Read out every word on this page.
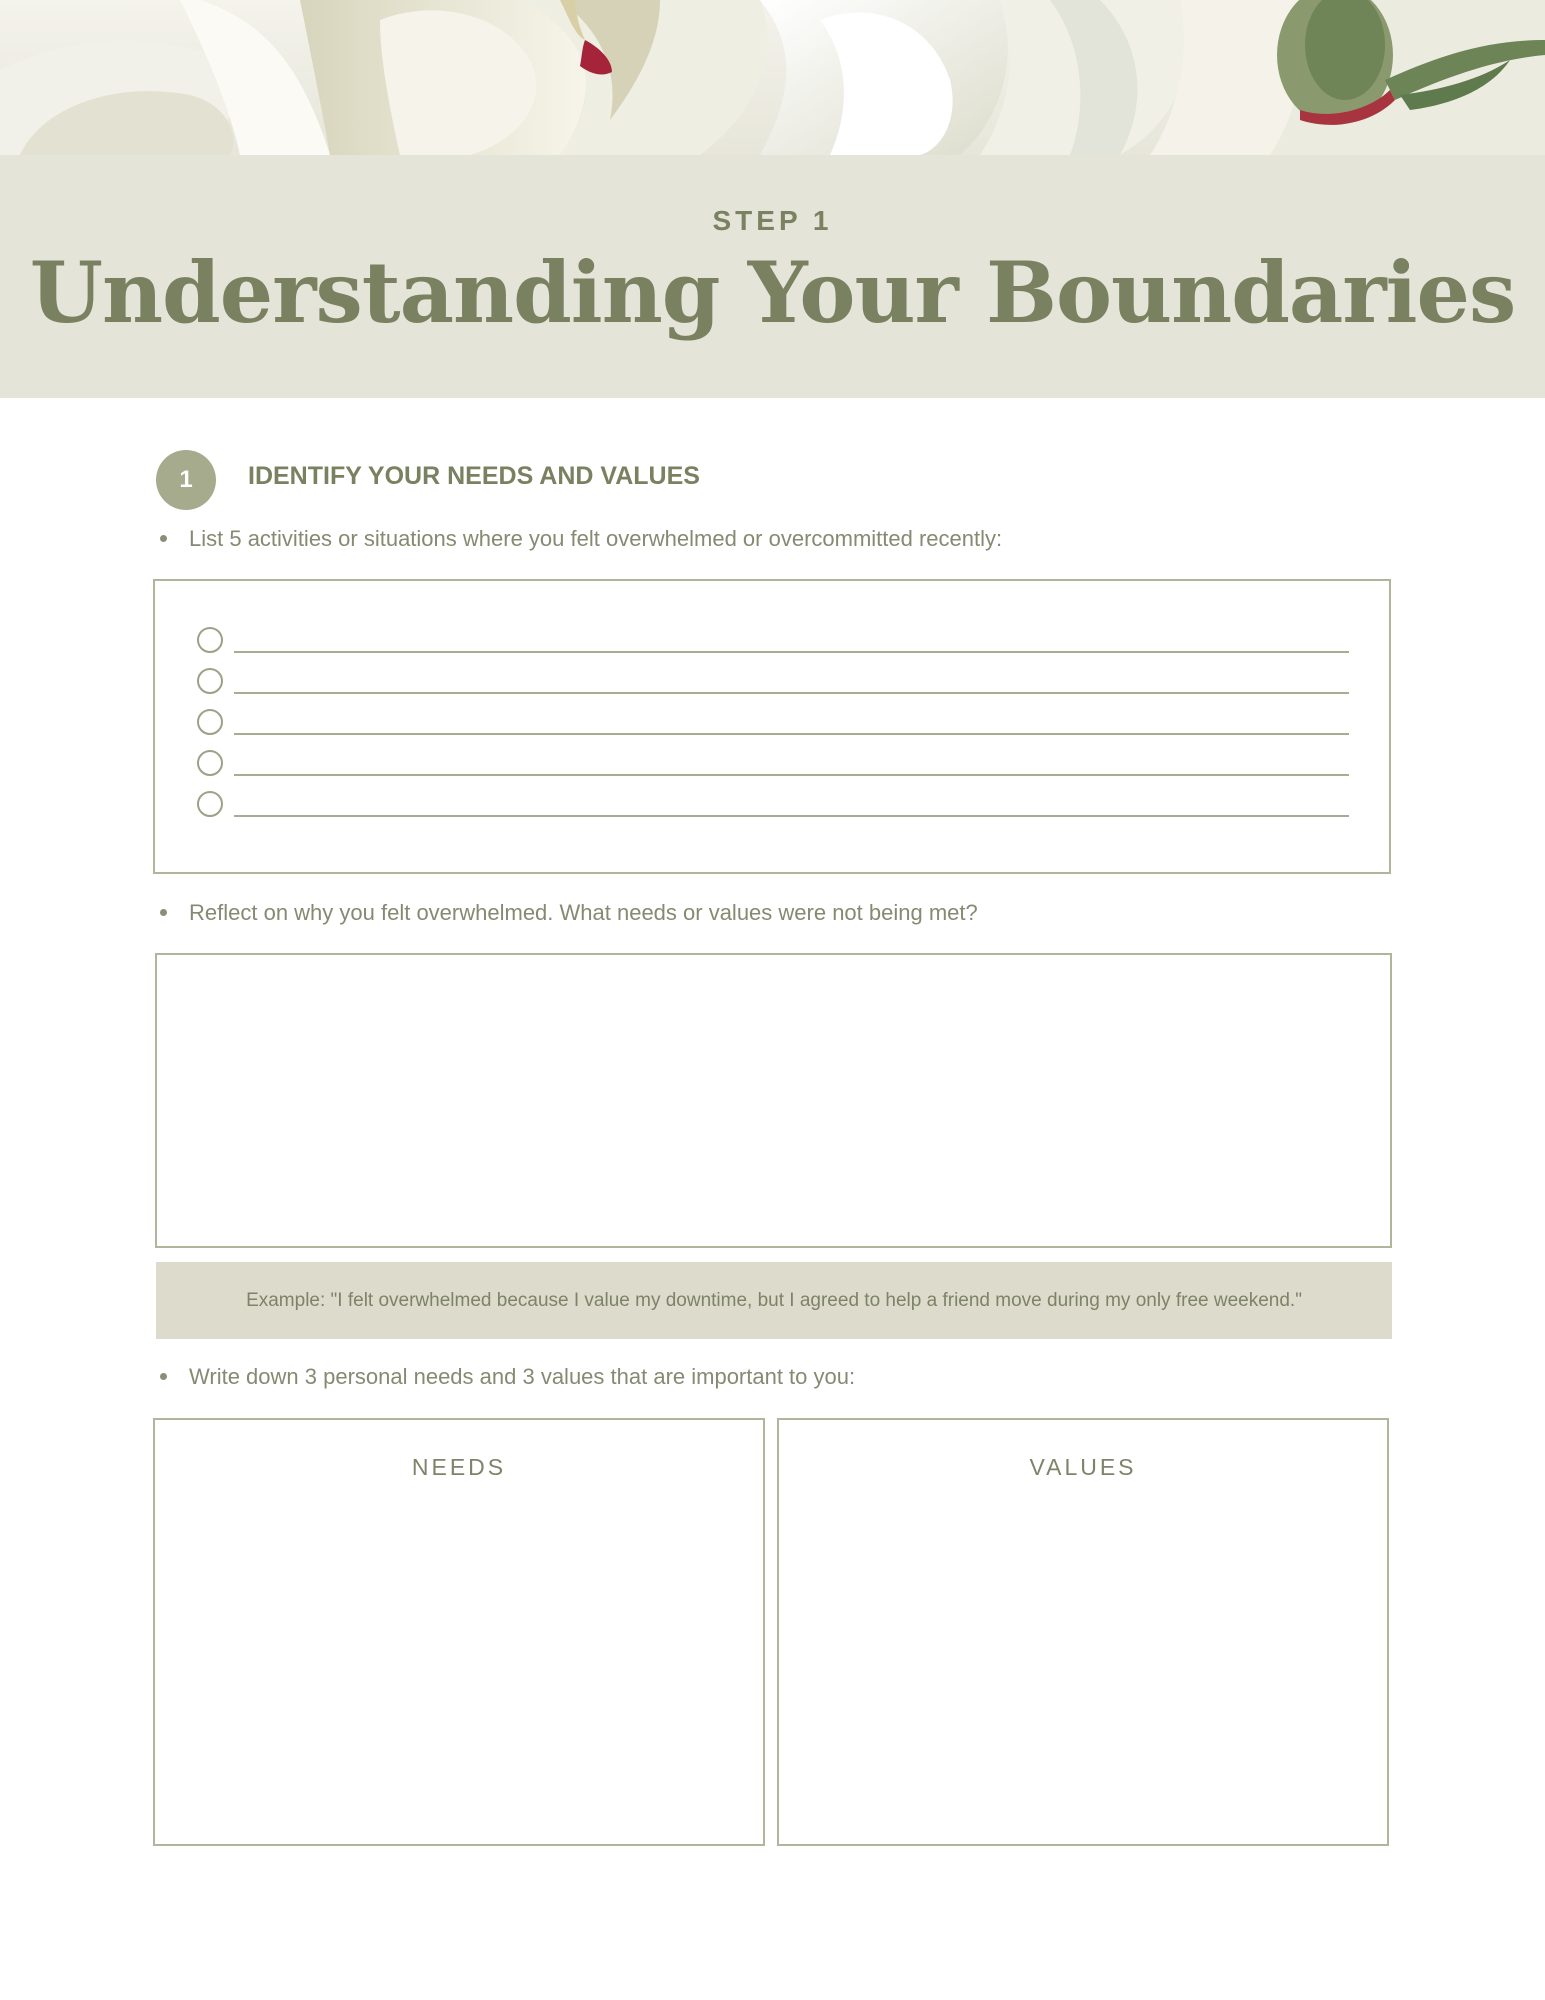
STEP 1
Understanding Your Boundaries
1	IDENTIFY YOUR NEEDS AND VALUES
List 5 activities or situations where you felt overwhelmed or overcommitted recently:
Reflect on why you felt overwhelmed. What needs or values were not being met?
Example: "I felt overwhelmed because I value my downtime, but I agreed to help a friend move during my only free weekend."
Write down 3 personal needs and 3 values that are important to you:
NEEDS	VALUES
